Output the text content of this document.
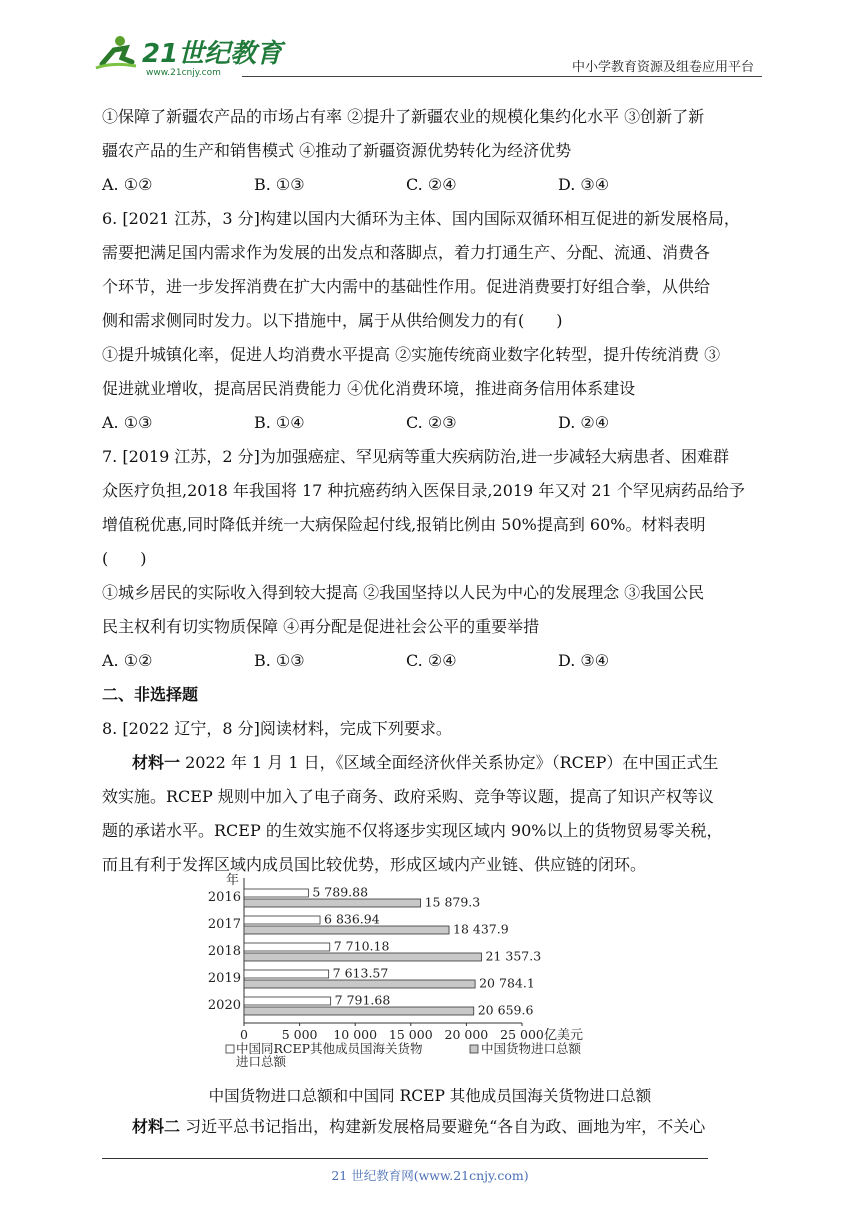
21世纪教育
www.21cnjy.com	中小学教育资源及组卷应用平台
①保障了新疆农产品的市场占有率 ②提升了新疆农业的规模化集约化水平 ③创新了新
疆农产品的生产和销售模式 ④推动了新疆资源优势转化为经济优势
A. ①②	B. ①③	C. ②④	D. ③④
6. [2021 江苏，3 分]构建以国内大循环为主体、国内国际双循环相互促进的新发展格局，
需要把满足国内需求作为发展的出发点和落脚点，着力打通生产、分配、流通、消费各
个环节，进一步发挥消费在扩大内需中的基础性作用。促进消费要打好组合拳，从供给
侧和需求侧同时发力。以下措施中，属于从供给侧发力的有(　　)
①提升城镇化率，促进人均消费水平提高 ②实施传统商业数字化转型，提升传统消费 ③
促进就业增收，提高居民消费能力 ④优化消费环境，推进商务信用体系建设
A. ①③	B. ①④	C. ②③	D. ②④
7. [2019 江苏，2 分]为加强癌症、罕见病等重大疾病防治,进一步减轻大病患者、困难群
众医疗负担,2018 年我国将 17 种抗癌药纳入医保目录,2019 年又对 21 个罕见病药品给予
增值税优惠,同时降低并统一大病保险起付线,报销比例由 50%提高到 60%。材料表明
(　　)
①城乡居民的实际收入得到较大提高 ②我国坚持以人民为中心的发展理念 ③我国公民
民主权利有切实物质保障 ④再分配是促进社会公平的重要举措
A. ①②	B. ①③	C. ②④	D. ③④
二、非选择题
8. [2022 辽宁，8 分]阅读材料，完成下列要求。
材料一 2022 年 1 月 1 日，《区域全面经济伙伴关系协定》（RCEP）在中国正式生
效实施。RCEP 规则中加入了电子商务、政府采购、竞争等议题，提高了知识产权等议
题的承诺水平。RCEP 的生效实施不仅将逐步实现区域内 90%以上的货物贸易零关税，
而且有利于发挥区域内成员国比较优势，形成区域内产业链、供应链的闭环。
年
2016	5 789.88
15 879.3
2017	6 836.94
18 437.9
2018	7 710.18
21 357.3
2019	7 613.57
20 784.1
2020	7 791.68
20 659.6
0	5 000 10 000 15 000 20 000 25 000 亿美元
中国同RCEP其他成员国海关货物
进口总额
中国货物进口总额
中国货物进口总额和中国同 RCEP 其他成员国海关货物进口总额
材料二 习近平总书记指出，构建新发展格局要避免“各自为政、画地为牢，不关心
21 世纪教育网(www.21cnjy.com)
